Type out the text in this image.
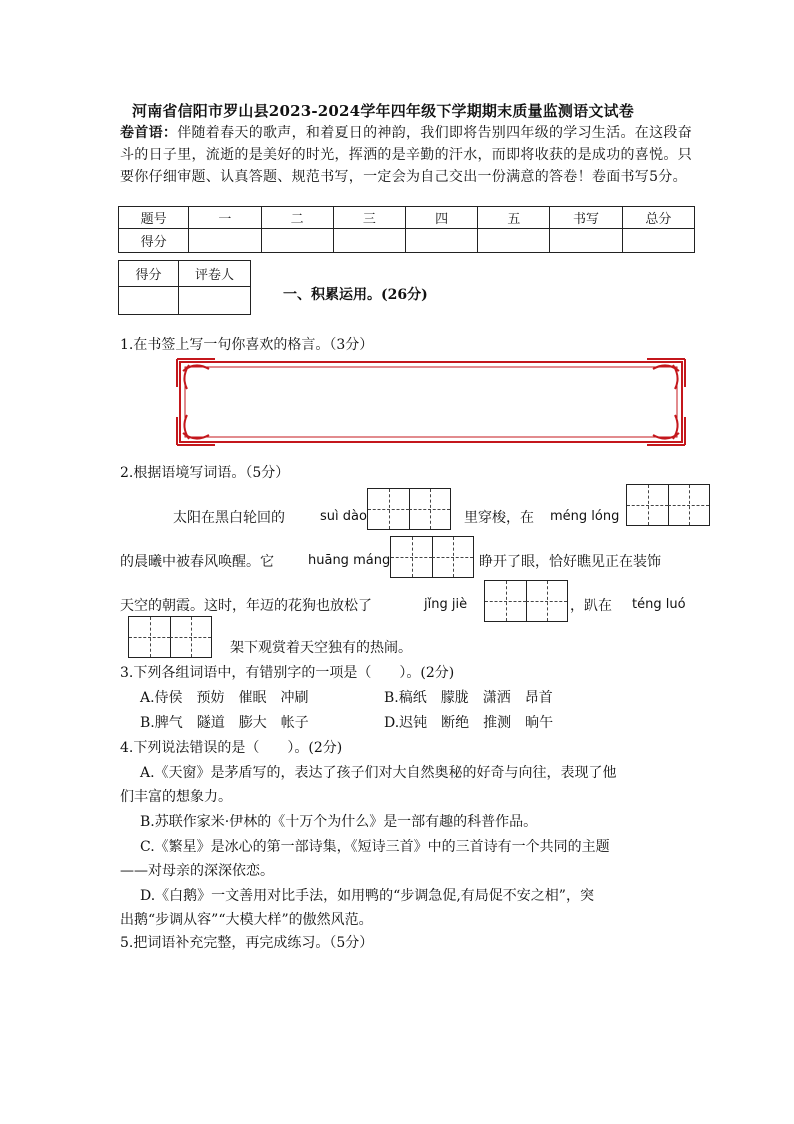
河南省信阳市罗山县2023-2024学年四年级下学期期末质量监测语文试卷
卷首语：伴随着春天的歌声，和着夏日的神韵，我们即将告别四年级的学习生活。在这段奋斗的日子里，流逝的是美好的时光，挥洒的是辛勤的汗水，而即将收获的是成功的喜悦。只要你仔细审题、认真答题、规范书写，一定会为自己交出一份满意的答卷！卷面书写5分。
题号	一	二	三	四	五	书写	总分
得分							
得分	评卷人

一、积累运用。(26分)
1.在书签上写一句你喜欢的格言。（3分）
2.根据语境写词语。（5分）
太阳在黑白轮回的	suì dào	里穿梭，在 méng lóng
的晨曦中被春风唤醒。它	huāng máng	睁开了眼，恰好瞧见正在装饰
天空的朝霞。这时，年迈的花狗也放松了	jǐng jiè	，趴在 téng luó
架下观赏着天空独有的热闹。
3.下列各组词语中，有错别字的一项是（　　）。(2分)
A.侍侯　预妨　催眠　冲刷	B.稿纸　朦胧　潇洒　昂首
B.脾气　隧道　膨大　帐子	D.迟钝　断绝　推测　晌午
4.下列说法错误的是（　　）。(2分)
A.《天窗》是茅盾写的，表达了孩子们对大自然奥秘的好奇与向往，表现了他
们丰富的想象力。
B.苏联作家米·伊林的《十万个为什么》是一部有趣的科普作品。
C.《繁星》是冰心的第一部诗集，《短诗三首》中的三首诗有一个共同的主题
——对母亲的深深依恋。
D.《白鹅》一文善用对比手法，如用鸭的“步调急促,有局促不安之相”，突
出鹅“步调从容”“大模大样”的傲然风范。
5.把词语补充完整，再完成练习。（5分）
